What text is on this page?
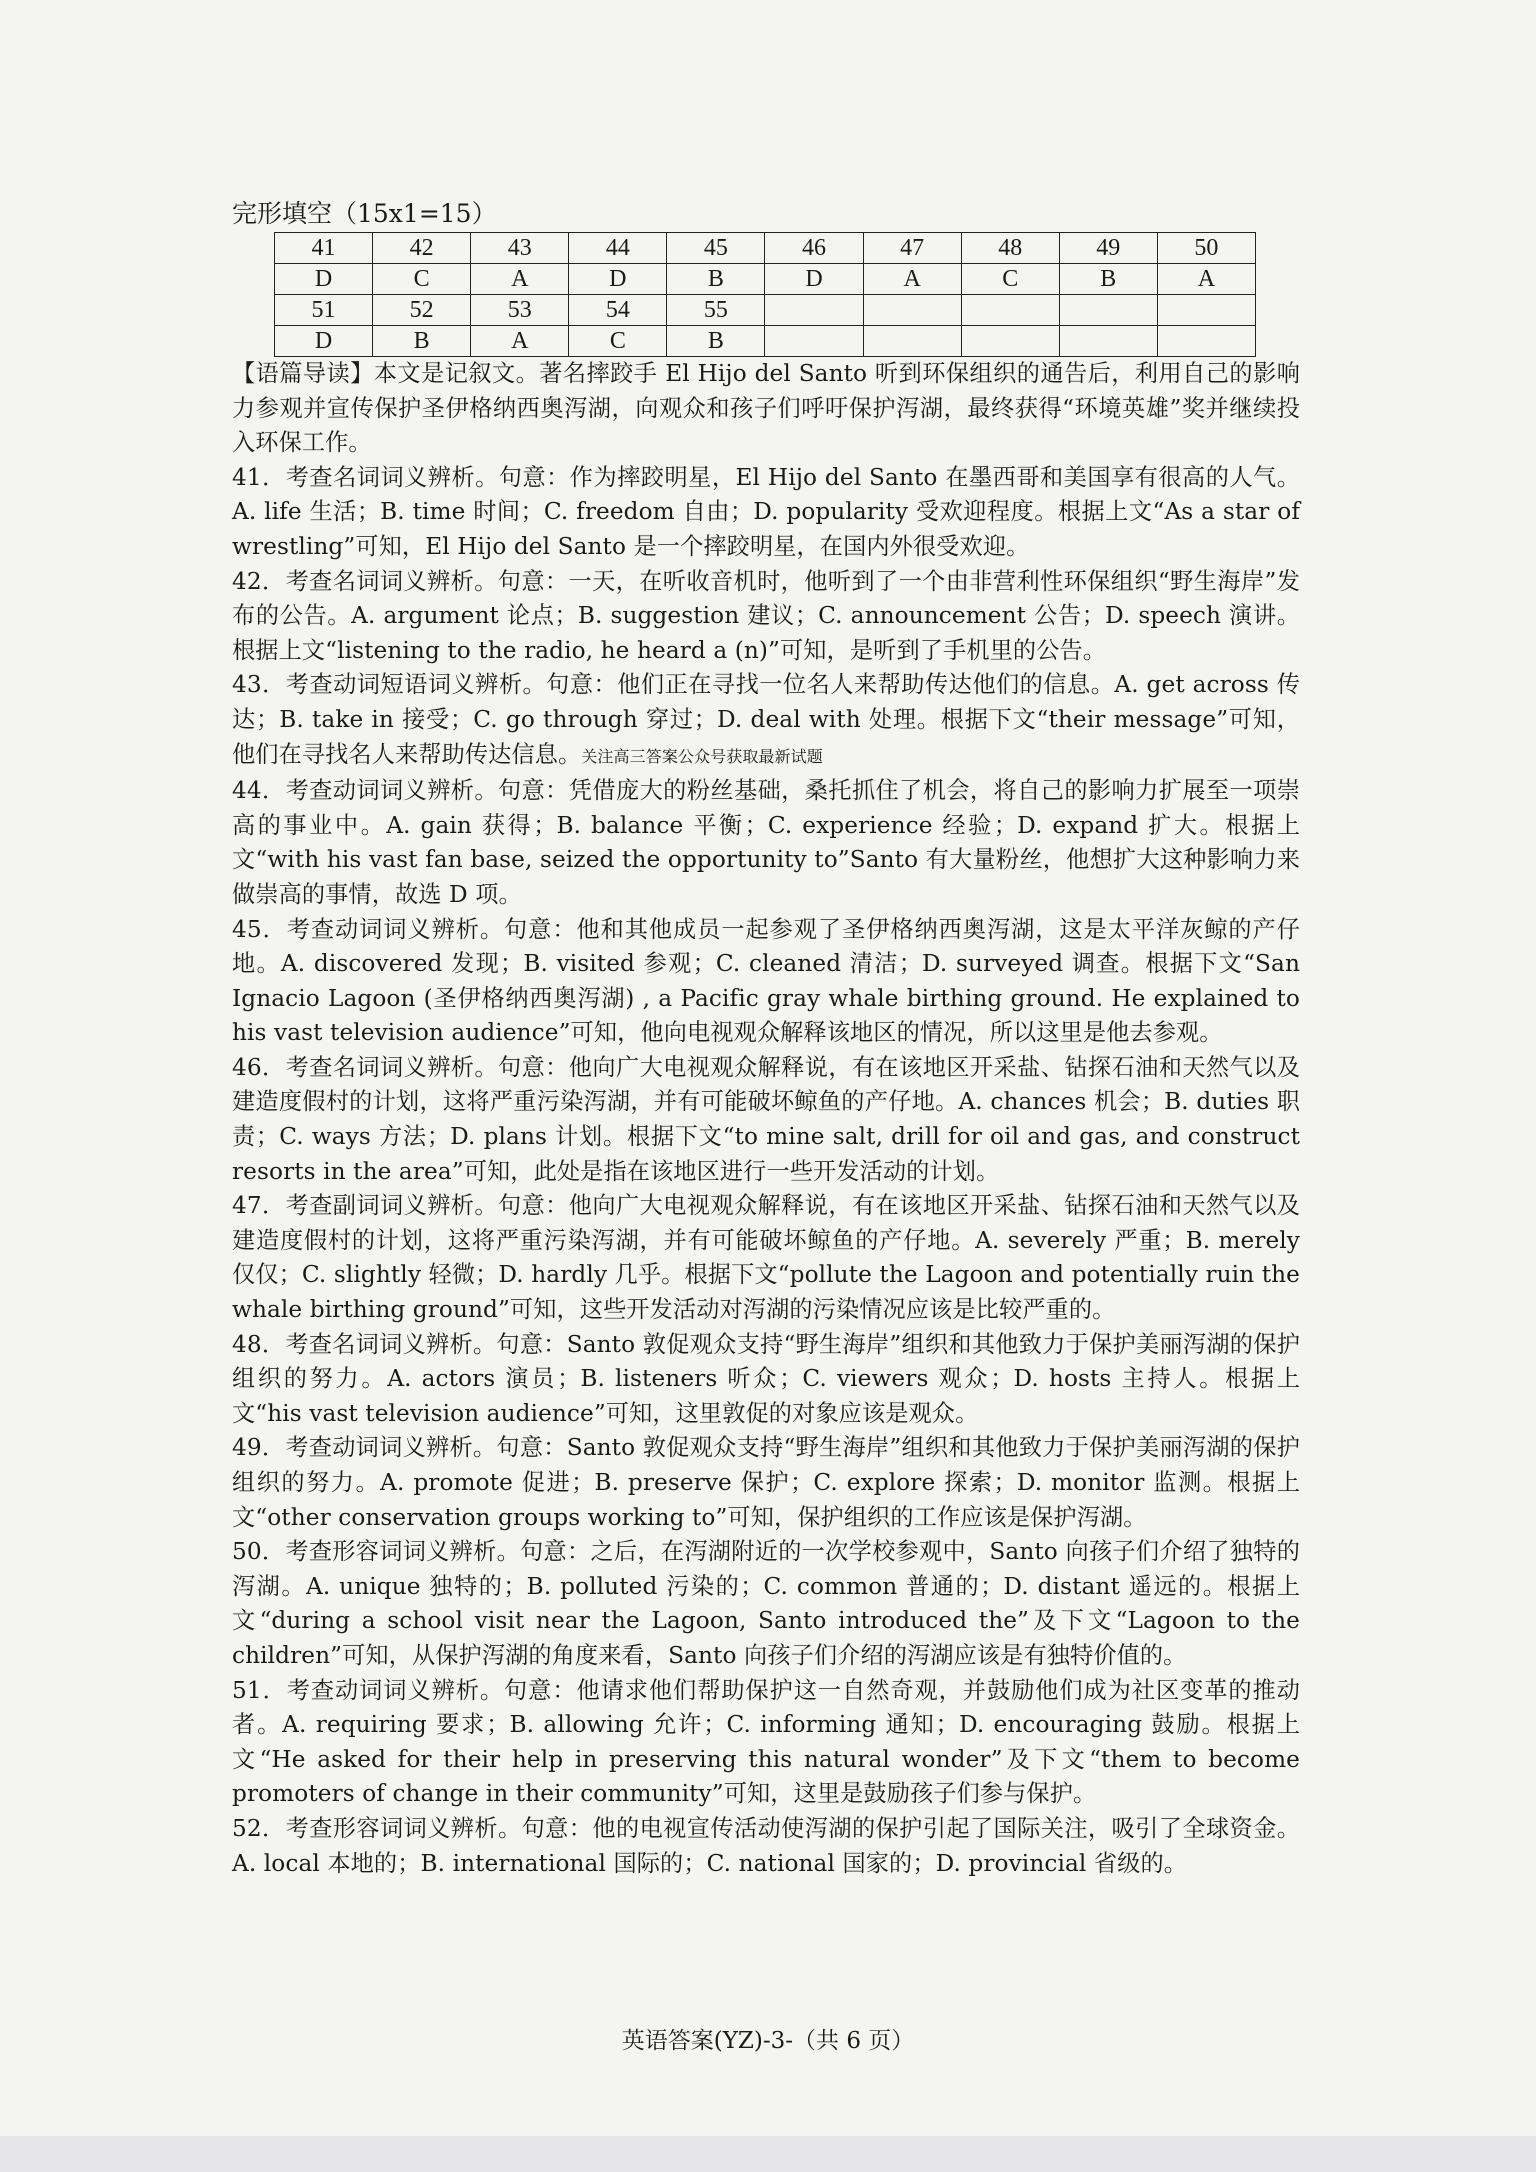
完形填空（15x1=15）
41	42	43	44	45	46	47	48	49	50
D	C	A	D	B	D	A	C	B	A
51	52	53	54	55					
D	B	A	C	B					

【语篇导读】本文是记叙文。著名摔跤手 El Hijo del Santo 听到环保组织的通告后，利用自己的影响力参观并宣传保护圣伊格纳西奥泻湖，向观众和孩子们呼吁保护泻湖，最终获得“环境英雄”奖并继续投入环保工作。

41．考查名词词义辨析。句意：作为摔跤明星，El Hijo del Santo 在墨西哥和美国享有很高的人气。A. life 生活；B. time 时间；C. freedom 自由；D. popularity 受欢迎程度。根据上文“As a star of wrestling”可知，El Hijo del Santo 是一个摔跤明星，在国内外很受欢迎。

42．考查名词词义辨析。句意：一天，在听收音机时，他听到了一个由非营利性环保组织“野生海岸”发布的公告。A. argument 论点；B. suggestion 建议；C. announcement 公告；D. speech 演讲。根据上文“listening to the radio, he heard a (n)”可知，是听到了手机里的公告。

43．考查动词短语词义辨析。句意：他们正在寻找一位名人来帮助传达他们的信息。A. get across 传达；B. take in 接受；C. go through 穿过；D. deal with 处理。根据下文“their message”可知，他们在寻找名人来帮助传达信息。关注高三答案公众号获取最新试题

44．考查动词词义辨析。句意：凭借庞大的粉丝基础，桑托抓住了机会，将自己的影响力扩展至一项崇高的事业中。A. gain 获得；B. balance 平衡；C. experience 经验；D. expand 扩大。根据上文“with his vast fan base, seized the opportunity to”Santo 有大量粉丝，他想扩大这种影响力来做崇高的事情，故选 D 项。

45．考查动词词义辨析。句意：他和其他成员一起参观了圣伊格纳西奥泻湖，这是太平洋灰鲸的产仔地。A. discovered 发现；B. visited 参观；C. cleaned 清洁；D. surveyed 调查。根据下文“San Ignacio Lagoon (圣伊格纳西奥泻湖) , a Pacific gray whale birthing ground. He explained to his vast television audience”可知，他向电视观众解释该地区的情况，所以这里是他去参观。

46．考查名词词义辨析。句意：他向广大电视观众解释说，有在该地区开采盐、钻探石油和天然气以及建造度假村的计划，这将严重污染泻湖，并有可能破坏鲸鱼的产仔地。A. chances 机会；B. duties 职责；C. ways 方法；D. plans 计划。根据下文“to mine salt, drill for oil and gas, and construct resorts in the area”可知，此处是指在该地区进行一些开发活动的计划。

47．考查副词词义辨析。句意：他向广大电视观众解释说，有在该地区开采盐、钻探石油和天然气以及建造度假村的计划，这将严重污染泻湖，并有可能破坏鲸鱼的产仔地。A. severely 严重；B. merely 仅仅；C. slightly 轻微；D. hardly 几乎。根据下文“pollute the Lagoon and potentially ruin the whale birthing ground”可知，这些开发活动对泻湖的污染情况应该是比较严重的。

48．考查名词词义辨析。句意：Santo 敦促观众支持“野生海岸”组织和其他致力于保护美丽泻湖的保护组织的努力。A. actors 演员；B. listeners 听众；C. viewers 观众；D. hosts 主持人。根据上文“his vast television audience”可知，这里敦促的对象应该是观众。

49．考查动词词义辨析。句意：Santo 敦促观众支持“野生海岸”组织和其他致力于保护美丽泻湖的保护组织的努力。A. promote 促进；B. preserve 保护；C. explore 探索；D. monitor 监测。根据上文“other conservation groups working to”可知，保护组织的工作应该是保护泻湖。

50．考查形容词词义辨析。句意：之后，在泻湖附近的一次学校参观中，Santo 向孩子们介绍了独特的泻湖。A. unique 独特的；B. polluted 污染的；C. common 普通的；D. distant 遥远的。根据上文“during a school visit near the Lagoon, Santo introduced the”及下文“Lagoon to the children”可知，从保护泻湖的角度来看，Santo 向孩子们介绍的泻湖应该是有独特价值的。

51．考查动词词义辨析。句意：他请求他们帮助保护这一自然奇观，并鼓励他们成为社区变革的推动者。A. requiring 要求；B. allowing 允许；C. informing 通知；D. encouraging 鼓励。根据上文“He asked for their help in preserving this natural wonder”及下文“them to become promoters of change in their community”可知，这里是鼓励孩子们参与保护。

52．考查形容词词义辨析。句意：他的电视宣传活动使泻湖的保护引起了国际关注，吸引了全球资金。A. local 本地的；B. international 国际的；C. national 国家的；D. provincial 省级的。

英语答案(YZ)-3-（共 6 页）
